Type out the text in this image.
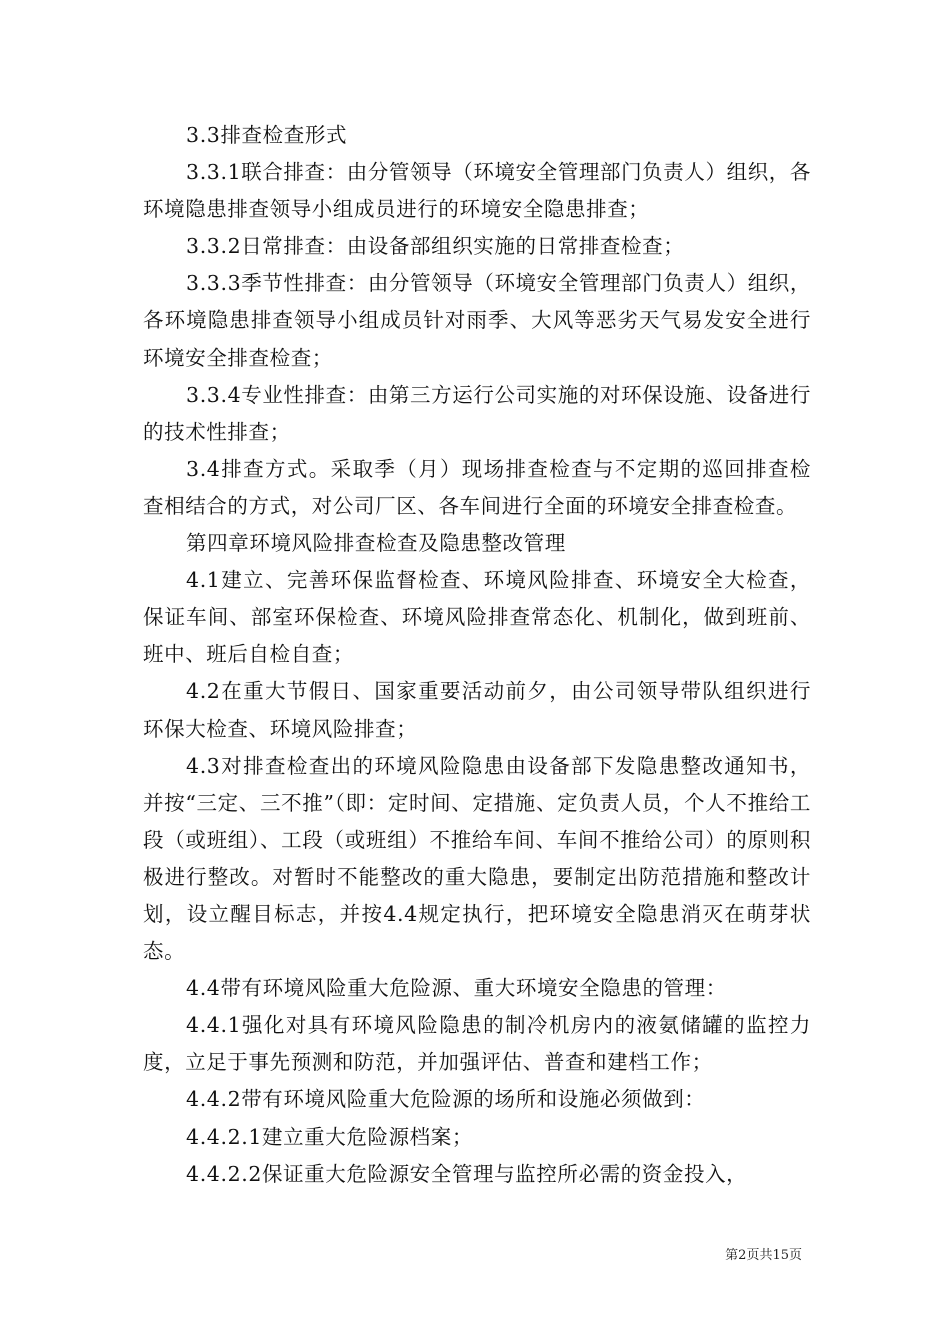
3.3排查检查形式

3.3.1联合排查：由分管领导（环境安全管理部门负责人）组织，各环境隐患排查领导小组成员进行的环境安全隐患排查；

3.3.2日常排查：由设备部组织实施的日常排查检查；

3.3.3季节性排查：由分管领导（环境安全管理部门负责人）组织，各环境隐患排查领导小组成员针对雨季、大风等恶劣天气易发安全进行环境安全排查检查；

3.3.4专业性排查：由第三方运行公司实施的对环保设施、设备进行的技术性排查；

3.4排查方式。采取季（月）现场排查检查与不定期的巡回排查检查相结合的方式，对公司厂区、各车间进行全面的环境安全排查检查。

第四章环境风险排查检查及隐患整改管理

4.1建立、完善环保监督检查、环境风险排查、环境安全大检查，保证车间、部室环保检查、环境风险排查常态化、机制化，做到班前、班中、班后自检自查；

4.2在重大节假日、国家重要活动前夕，由公司领导带队组织进行环保大检查、环境风险排查；

4.3对排查检查出的环境风险隐患由设备部下发隐患整改通知书，并按“三定、三不推”（即：定时间、定措施、定负责人员，个人不推给工段（或班组）、工段（或班组）不推给车间、车间不推给公司）的原则积极进行整改。对暂时不能整改的重大隐患，要制定出防范措施和整改计划，设立醒目标志，并按4.4规定执行，把环境安全隐患消灭在萌芽状态。

4.4带有环境风险重大危险源、重大环境安全隐患的管理：

4.4.1强化对具有环境风险隐患的制冷机房内的液氨储罐的监控力度，立足于事先预测和防范，并加强评估、普查和建档工作；

4.4.2带有环境风险重大危险源的场所和设施必须做到：

4.4.2.1建立重大危险源档案；

4.4.2.2保证重大危险源安全管理与监控所必需的资金投入，

第2页共15页
